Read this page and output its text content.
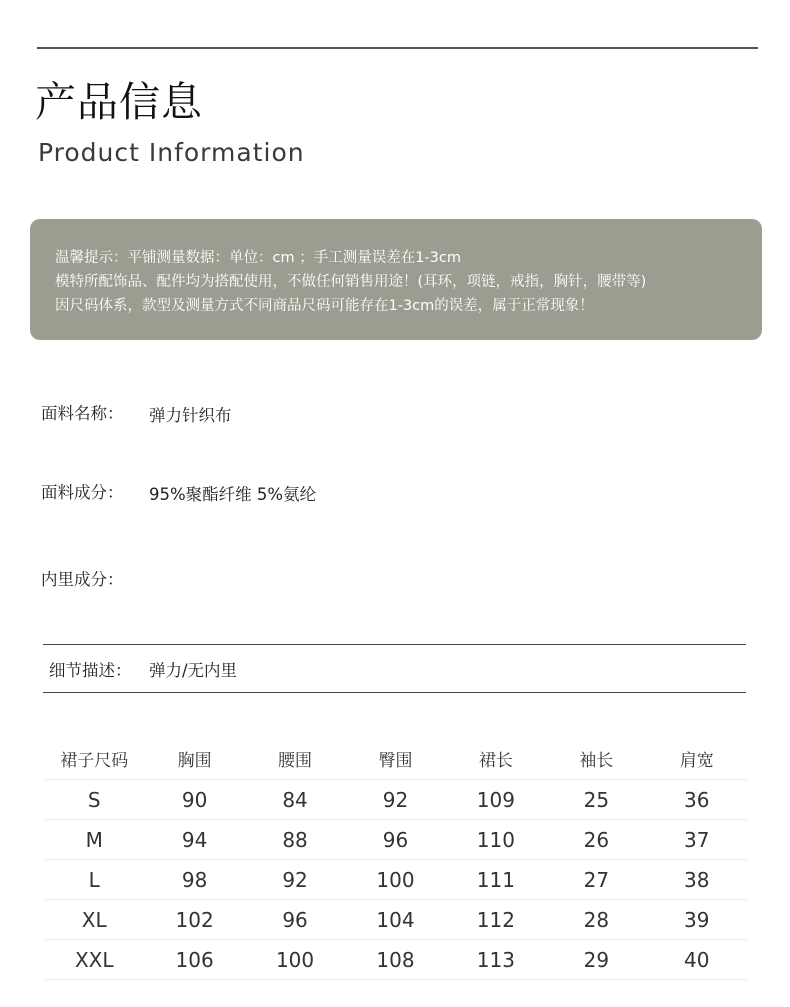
产品信息
Product Information
温馨提示：平铺测量数据：单位：cm ；手工测量误差在1-3cm
模特所配饰品、配件均为搭配使用，不做任何销售用途！(耳环，项链，戒指，胸针，腰带等)
因尺码体系，款型及测量方式不同商品尺码可能存在1-3cm的误差，属于正常现象！
面料名称： 弹力针织布
面料成分： 95%聚酯纤维 5%氨纶
内里成分：
细节描述： 弹力/无内里
裙子尺码	胸围	腰围	臀围	裙长	袖长	肩宽
S	90	84	92	109	25	36
M	94	88	96	110	26	37
L	98	92	100	111	27	38
XL	102	96	104	112	28	39
XXL	106	100	108	113	29	40
